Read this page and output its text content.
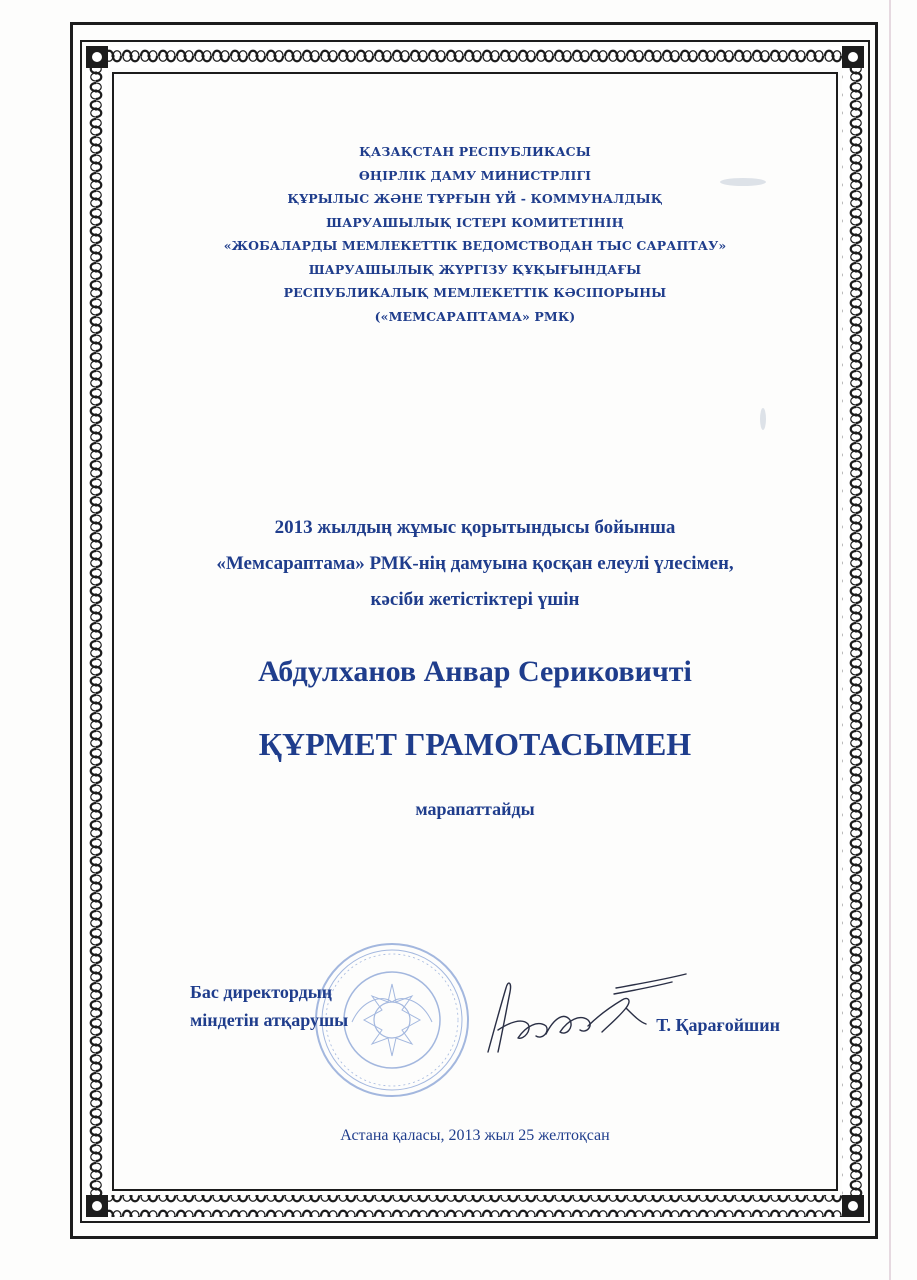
ҚАЗАҚСТАН РЕСПУБЛИКАСЫ
ӨҢІРЛІК ДАМУ МИНИСТРЛІГІ
ҚҰРЫЛЫС ЖӘНЕ ТҰРҒЫН ҮЙ - КОММУНАЛДЫҚ
ШАРУАШЫЛЫҚ ІСТЕРІ КОМИТЕТІНІҢ
«ЖОБАЛАРДЫ МЕМЛЕКЕТТІК ВЕДОМСТВОДАН ТЫС САРАПТАУ»
ШАРУАШЫЛЫҚ ЖҮРГІЗУ ҚҰҚЫҒЫНДАҒЫ
РЕСПУБЛИКАЛЫҚ МЕМЛЕКЕТТІК КӘСІПОРЫНЫ
(«МЕМСАРАПТАМА» РМК)
2013 жылдың жұмыс қорытындысы бойынша
«Мемсараптама» РМК-нің дамуына қосқан елеулі үлесімен,
кәсіби жетістіктері үшін
Абдулханов Анвар Сериковичті
ҚҰРМЕТ ГРАМОТАСЫМЕН
марапаттайды
Бас директордың
міндетін атқарушы	Т. Қарағойшин
Астана қаласы, 2013 жыл 25 желтоқсан
